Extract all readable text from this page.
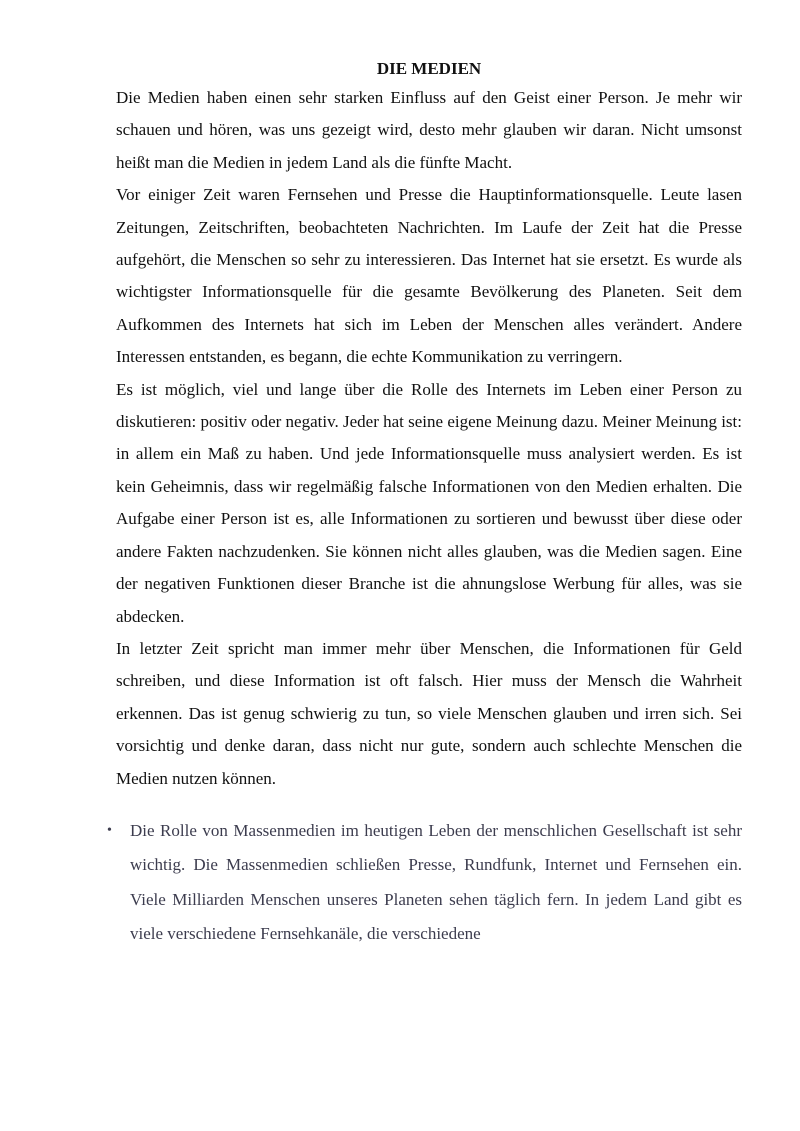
DIE MEDIEN

Die Medien haben einen sehr starken Einfluss auf den Geist einer Person. Je mehr wir schauen und hören, was uns gezeigt wird, desto mehr glauben wir daran. Nicht umsonst heißt man die Medien in jedem Land als die fünfte Macht.

Vor einiger Zeit waren Fernsehen und Presse die Hauptinformationsquelle. Leute lasen Zeitungen, Zeitschriften, beobachteten Nachrichten. Im Laufe der Zeit hat die Presse aufgehört, die Menschen so sehr zu interessieren. Das Internet hat sie ersetzt. Es wurde als wichtigster Informationsquelle für die gesamte Bevölkerung des Planeten. Seit dem Aufkommen des Internets hat sich im Leben der Menschen alles verändert. Andere Interessen entstanden, es begann, die echte Kommunikation zu verringern.

Es ist möglich, viel und lange über die Rolle des Internets im Leben einer Person zu diskutieren: positiv oder negativ. Jeder hat seine eigene Meinung dazu. Meiner Meinung ist: in allem ein Maß zu haben. Und jede Informationsquelle muss analysiert werden. Es ist kein Geheimnis, dass wir regelmäßig falsche Informationen von den Medien erhalten. Die Aufgabe einer Person ist es, alle Informationen zu sortieren und bewusst über diese oder andere Fakten nachzudenken. Sie können nicht alles glauben, was die Medien sagen. Eine der negativen Funktionen dieser Branche ist die ahnungslose Werbung für alles, was sie abdecken.

In letzter Zeit spricht man immer mehr über Menschen, die Informationen für Geld schreiben, und diese Information ist oft falsch. Hier muss der Mensch die Wahrheit erkennen. Das ist genug schwierig zu tun, so viele Menschen glauben und irren sich. Sei vorsichtig und denke daran, dass nicht nur gute, sondern auch schlechte Menschen die Medien nutzen können.

• Die Rolle von Massenmedien im heutigen Leben der menschlichen Gesellschaft ist sehr wichtig. Die Massenmedien schließen Presse, Rundfunk, Internet und Fernsehen ein. Viele Milliarden Menschen unseres Planeten sehen täglich fern. In jedem Land gibt es viele verschiedene Fernsehkanäle, die verschiedene
